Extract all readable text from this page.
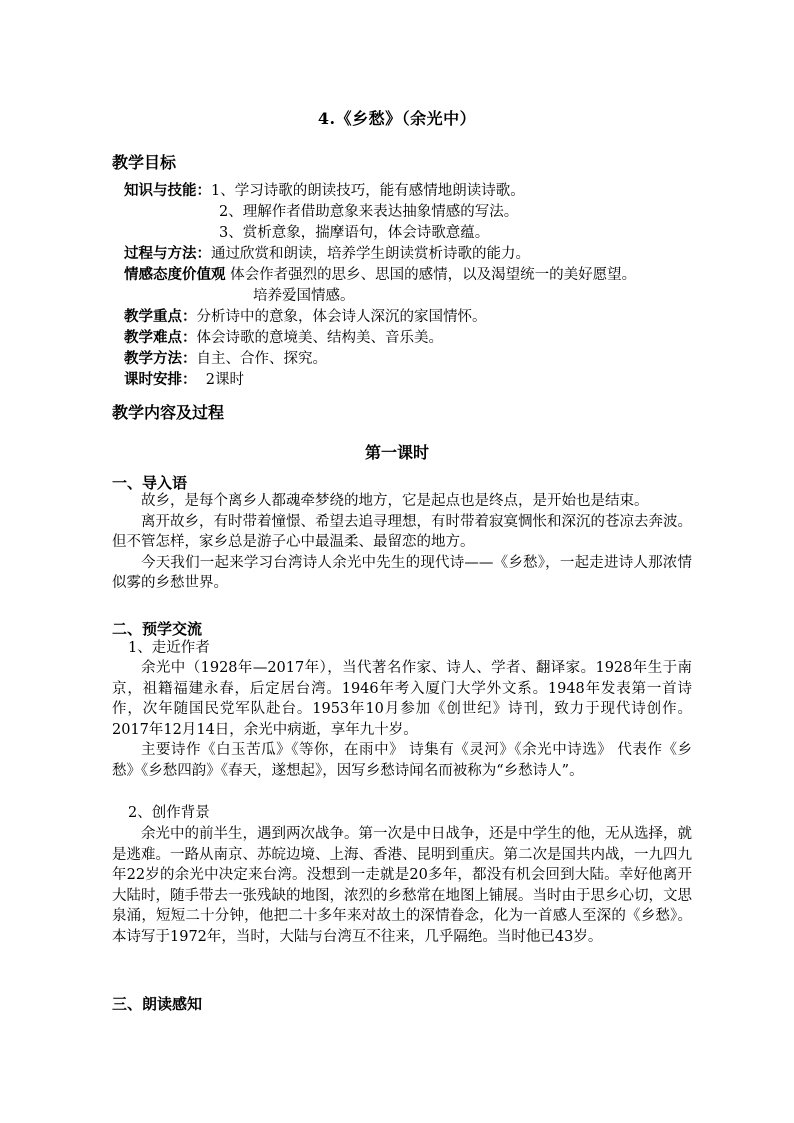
4.《乡愁》（余光中）
教学目标
知识与技能：1、学习诗歌的朗读技巧，能有感情地朗读诗歌。
2、理解作者借助意象来表达抽象情感的写法。
3、赏析意象，揣摩语句，体会诗歌意蕴。
过程与方法：通过欣赏和朗读，培养学生朗读赏析诗歌的能力。
情感态度价值观 体会作者强烈的思乡、思国的感情，以及渴望统一的美好愿望。
培养爱国情感。
教学重点：分析诗中的意象，体会诗人深沉的家国情怀。
教学难点：体会诗歌的意境美、结构美、音乐美。
教学方法：自主、合作、探究。
课时安排： 2课时
教学内容及过程
第一课时
一、导入语

故乡，是每个离乡人都魂牵梦绕的地方，它是起点也是终点，是开始也是结束。

离开故乡，有时带着憧憬、希望去追寻理想，有时带着寂寞惆怅和深沉的苍凉去奔波。但不管怎样，家乡总是游子心中最温柔、最留恋的地方。

今天我们一起来学习台湾诗人余光中先生的现代诗——《乡愁》，一起走进诗人那浓情似雾的乡愁世界。

二、预学交流
1、走近作者

余光中（1928年—2017年），当代著名作家、诗人、学者、翻译家。1928年生于南京，祖籍福建永春，后定居台湾。1946年考入厦门大学外文系。1948年发表第一首诗作，次年随国民党军队赴台。1953年10月参加《创世纪》诗刊，致力于现代诗创作。2017年12月14日，余光中病逝，享年九十岁。

主要诗作《白玉苦瓜》《等你，在雨中》 诗集有《灵河》《余光中诗选》 代表作《乡愁》《乡愁四韵》《春天，遂想起》，因写乡愁诗闻名而被称为“乡愁诗人”。

2、创作背景

余光中的前半生，遇到两次战争。第一次是中日战争，还是中学生的他，无从选择，就是逃难。一路从南京、苏皖边境、上海、香港、昆明到重庆。第二次是国共内战，一九四九年22岁的余光中决定来台湾。没想到一走就是20多年，都没有机会回到大陆。幸好他离开大陆时，随手带去一张残缺的地图，浓烈的乡愁常在地图上铺展。当时由于思乡心切，文思泉涌，短短二十分钟，他把二十多年来对故土的深情眷念，化为一首感人至深的《乡愁》。本诗写于1972年，当时，大陆与台湾互不往来，几乎隔绝。当时他已43岁。

三、朗读感知
